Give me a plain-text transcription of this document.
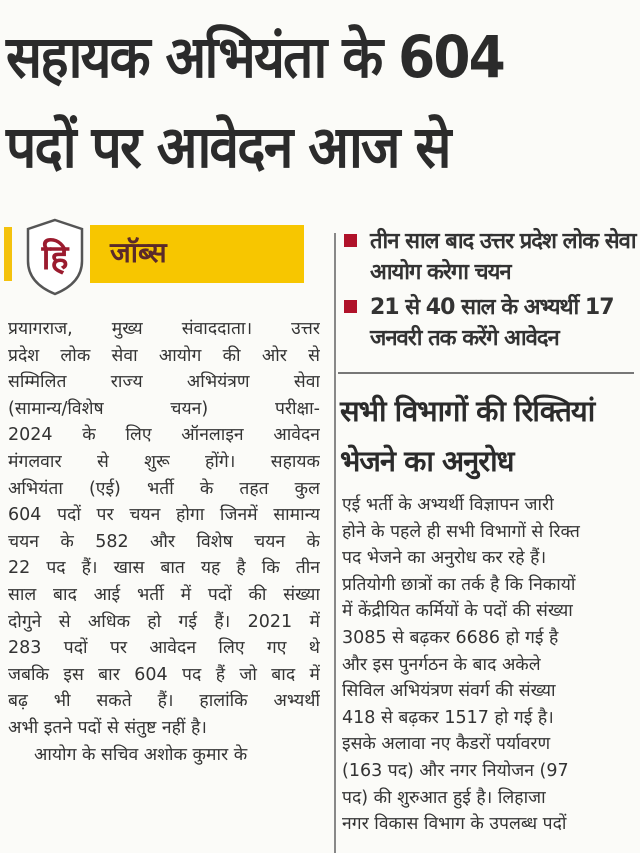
सहायक अभियंता के 604
पदों पर आवेदन आज से
हि जॉब्स
प्रयागराज, मुख्य संवाददाता। उत्तर
प्रदेश लोक सेवा आयोग की ओर से
सम्मिलित राज्य अभियंत्रण सेवा
(सामान्य/विशेष चयन) परीक्षा-
2024 के लिए ऑनलाइन आवेदन
मंगलवार से शुरू होंगे। सहायक
अभियंता (एई) भर्ती के तहत कुल
604 पदों पर चयन होगा जिनमें सामान्य
चयन के 582 और विशेष चयन के
22 पद हैं। खास बात यह है कि तीन
साल बाद आई भर्ती में पदों की संख्या
दोगुने से अधिक हो गई हैं। 2021 में
283 पदों पर आवेदन लिए गए थे
जबकि इस बार 604 पद हैं जो बाद में
बढ़ भी सकते हैं। हालांकि अभ्यर्थी
अभी इतने पदों से संतुष्ट नहीं है।
आयोग के सचिव अशोक कुमार के
तीन साल बाद उत्तर प्रदेश लोक सेवा आयोग करेगा चयन
21 से 40 साल के अभ्यर्थी 17 जनवरी तक करेंगे आवेदन
सभी विभागों की रिक्तियां
भेजने का अनुरोध
एई भर्ती के अभ्यर्थी विज्ञापन जारी
होने के पहले ही सभी विभागों से रिक्त
पद भेजने का अनुरोध कर रहे हैं।
प्रतियोगी छात्रों का तर्क है कि निकायों
में केंद्रीयित कर्मियों के पदों की संख्या
3085 से बढ़कर 6686 हो गई है
और इस पुनर्गठन के बाद अकेले
सिविल अभियंत्रण संवर्ग की संख्या
418 से बढ़कर 1517 हो गई है।
इसके अलावा नए कैडरों पर्यावरण
(163 पद) और नगर नियोजन (97
पद) की शुरुआत हुई है। लिहाजा
नगर विकास विभाग के उपलब्ध पदों
